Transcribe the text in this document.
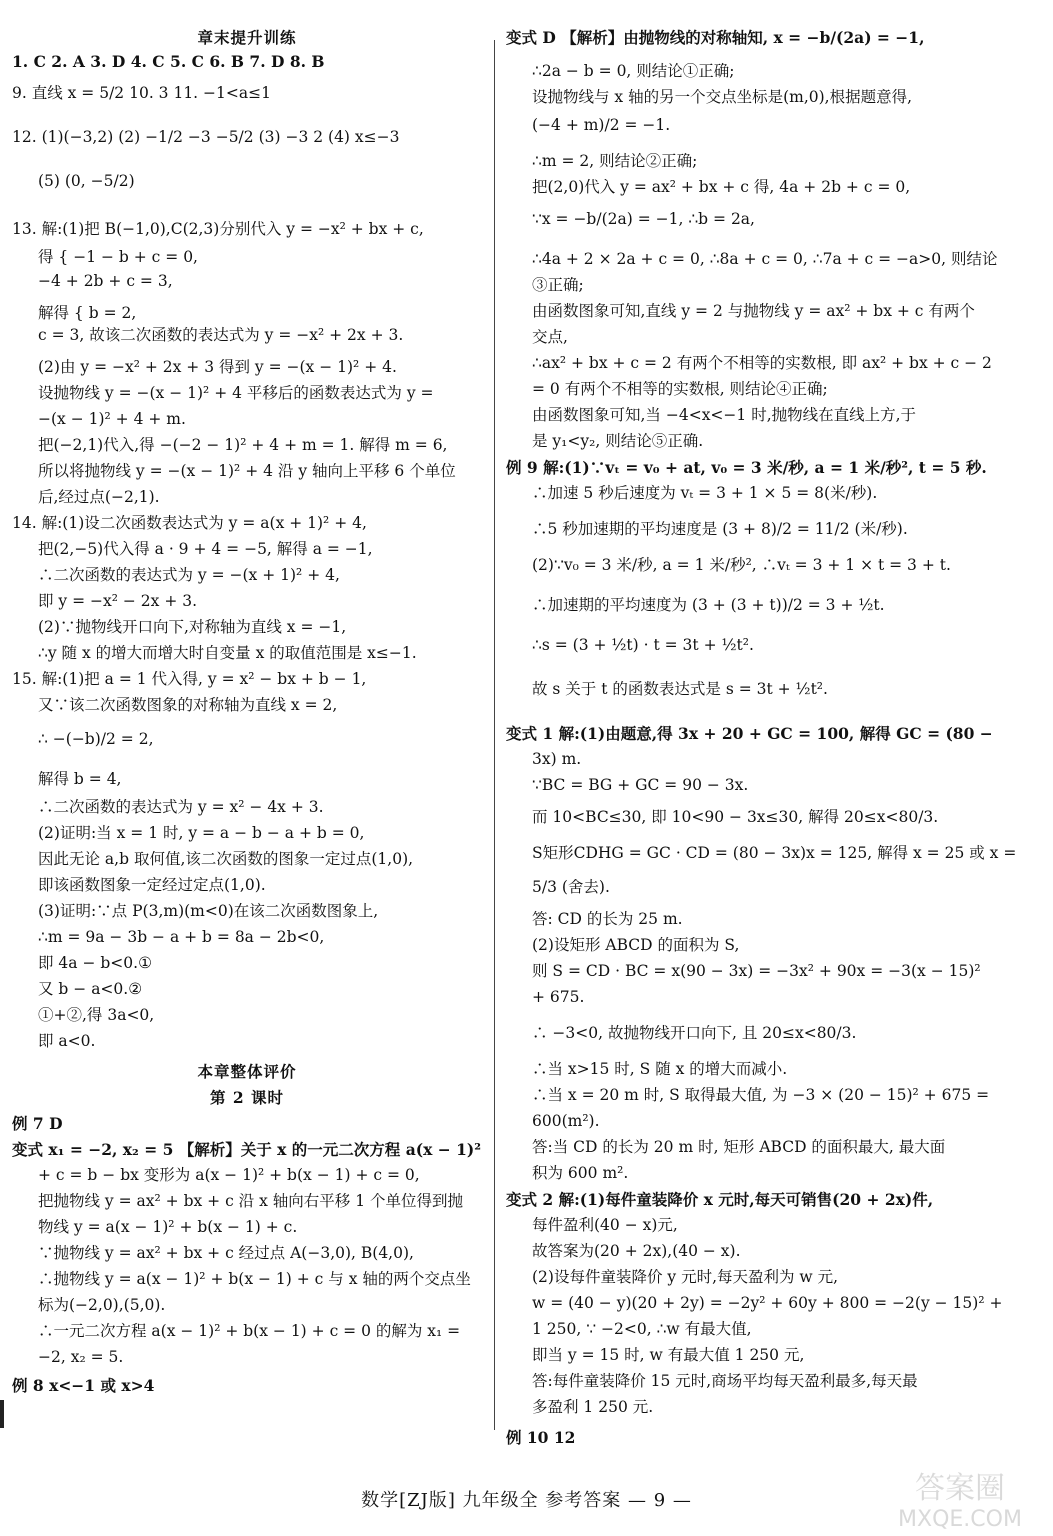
章末提升训练
1. C 2. A 3. D 4. C 5. C 6. B 7. D 8. B
9. 直线 x = 5/2 10. 3 11. −1<a≤1
12. (1)(−3,2) (2) −1/2 −3 −5/2 (3) −3 2 (4) x≤−3
(5) (0, −5/2)
13. 解:(1)把 B(−1,0),C(2,3)分别代入 y = −x² + bx + c,
得 { −1 − b + c = 0,
−4 + 2b + c = 3,
解得 { b = 2,
c = 3, 故该二次函数的表达式为 y = −x² + 2x + 3.
(2)由 y = −x² + 2x + 3 得到 y = −(x − 1)² + 4.
设抛物线 y = −(x − 1)² + 4 平移后的函数表达式为 y =
−(x − 1)² + 4 + m.
把(−2,1)代入,得 −(−2 − 1)² + 4 + m = 1. 解得 m = 6,
所以将抛物线 y = −(x − 1)² + 4 沿 y 轴向上平移 6 个单位
后,经过点(−2,1).
14. 解:(1)设二次函数表达式为 y = a(x + 1)² + 4,
把(2,−5)代入得 a · 9 + 4 = −5, 解得 a = −1,
∴二次函数的表达式为 y = −(x + 1)² + 4,
即 y = −x² − 2x + 3.
(2)∵抛物线开口向下,对称轴为直线 x = −1,
∴y 随 x 的增大而增大时自变量 x 的取值范围是 x≤−1.
15. 解:(1)把 a = 1 代入得, y = x² − bx + b − 1,
又∵该二次函数图象的对称轴为直线 x = 2,
∴ −(−b)/2 = 2,
解得 b = 4,
∴二次函数的表达式为 y = x² − 4x + 3.
(2)证明:当 x = 1 时, y = a − b − a + b = 0,
因此无论 a,b 取何值,该二次函数的图象一定过点(1,0),
即该函数图象一定经过定点(1,0).
(3)证明:∵点 P(3,m)(m<0)在该二次函数图象上,
∴m = 9a − 3b − a + b = 8a − 2b<0,
即 4a − b<0.①
又 b − a<0.②
①+②,得 3a<0,
即 a<0.
本章整体评价
第 2 课时
例 7 D
变式 x₁ = −2, x₂ = 5 【解析】关于 x 的一元二次方程 a(x − 1)²
+ c = b − bx 变形为 a(x − 1)² + b(x − 1) + c = 0,
把抛物线 y = ax² + bx + c 沿 x 轴向右平移 1 个单位得到抛
物线 y = a(x − 1)² + b(x − 1) + c.
∵抛物线 y = ax² + bx + c 经过点 A(−3,0), B(4,0),
∴抛物线 y = a(x − 1)² + b(x − 1) + c 与 x 轴的两个交点坐
标为(−2,0),(5,0).
∴一元二次方程 a(x − 1)² + b(x − 1) + c = 0 的解为 x₁ =
−2, x₂ = 5.
例 8 x<−1 或 x>4
变式 D 【解析】由抛物线的对称轴知, x = −b/(2a) = −1,
∴2a − b = 0, 则结论①正确;
设抛物线与 x 轴的另一个交点坐标是(m,0),根据题意得,
(−4 + m)/2 = −1.
∴m = 2, 则结论②正确;
把(2,0)代入 y = ax² + bx + c 得, 4a + 2b + c = 0,
∵x = −b/(2a) = −1, ∴b = 2a,
∴4a + 2 × 2a + c = 0, ∴8a + c = 0, ∴7a + c = −a>0, 则结论
③正确;
由函数图象可知,直线 y = 2 与抛物线 y = ax² + bx + c 有两个
交点,
∴ax² + bx + c = 2 有两个不相等的实数根, 即 ax² + bx + c − 2
= 0 有两个不相等的实数根, 则结论④正确;
由函数图象可知,当 −4<x<−1 时,抛物线在直线上方,于
是 y₁<y₂, 则结论⑤正确.
例 9 解:(1)∵vₜ = v₀ + at, v₀ = 3 米/秒, a = 1 米/秒², t = 5 秒.
∴加速 5 秒后速度为 vₜ = 3 + 1 × 5 = 8(米/秒).
∴5 秒加速期的平均速度是 (3 + 8)/2 = 11/2 (米/秒).
(2)∵v₀ = 3 米/秒, a = 1 米/秒², ∴vₜ = 3 + 1 × t = 3 + t.
∴加速期的平均速度为 (3 + (3 + t))/2 = 3 + ½t.
∴s = (3 + ½t) · t = 3t + ½t².
故 s 关于 t 的函数表达式是 s = 3t + ½t².
变式 1 解:(1)由题意,得 3x + 20 + GC = 100, 解得 GC = (80 −
3x) m.
∵BC = BG + GC = 90 − 3x.
而 10<BC≤30, 即 10<90 − 3x≤30, 解得 20≤x<80/3.
S矩形CDHG = GC · CD = (80 − 3x)x = 125, 解得 x = 25 或 x =
5/3 (舍去).
答: CD 的长为 25 m.
(2)设矩形 ABCD 的面积为 S,
则 S = CD · BC = x(90 − 3x) = −3x² + 90x = −3(x − 15)²
+ 675.
∴ −3<0, 故抛物线开口向下, 且 20≤x<80/3.
∴当 x>15 时, S 随 x 的增大而减小.
∴当 x = 20 m 时, S 取得最大值, 为 −3 × (20 − 15)² + 675 =
600(m²).
答:当 CD 的长为 20 m 时, 矩形 ABCD 的面积最大, 最大面
积为 600 m².
变式 2 解:(1)每件童装降价 x 元时,每天可销售(20 + 2x)件,
每件盈利(40 − x)元,
故答案为(20 + 2x),(40 − x).
(2)设每件童装降价 y 元时,每天盈利为 w 元,
w = (40 − y)(20 + 2y) = −2y² + 60y + 800 = −2(y − 15)² +
1 250, ∵ −2<0, ∴w 有最大值,
即当 y = 15 时, w 有最大值 1 250 元,
答:每件童装降价 15 元时,商场平均每天盈利最多,每天最
多盈利 1 250 元.
例 10 12
数学[ZJ版] 九年级全 参考答案 — 9 —	答案圈
MXQE.COM
